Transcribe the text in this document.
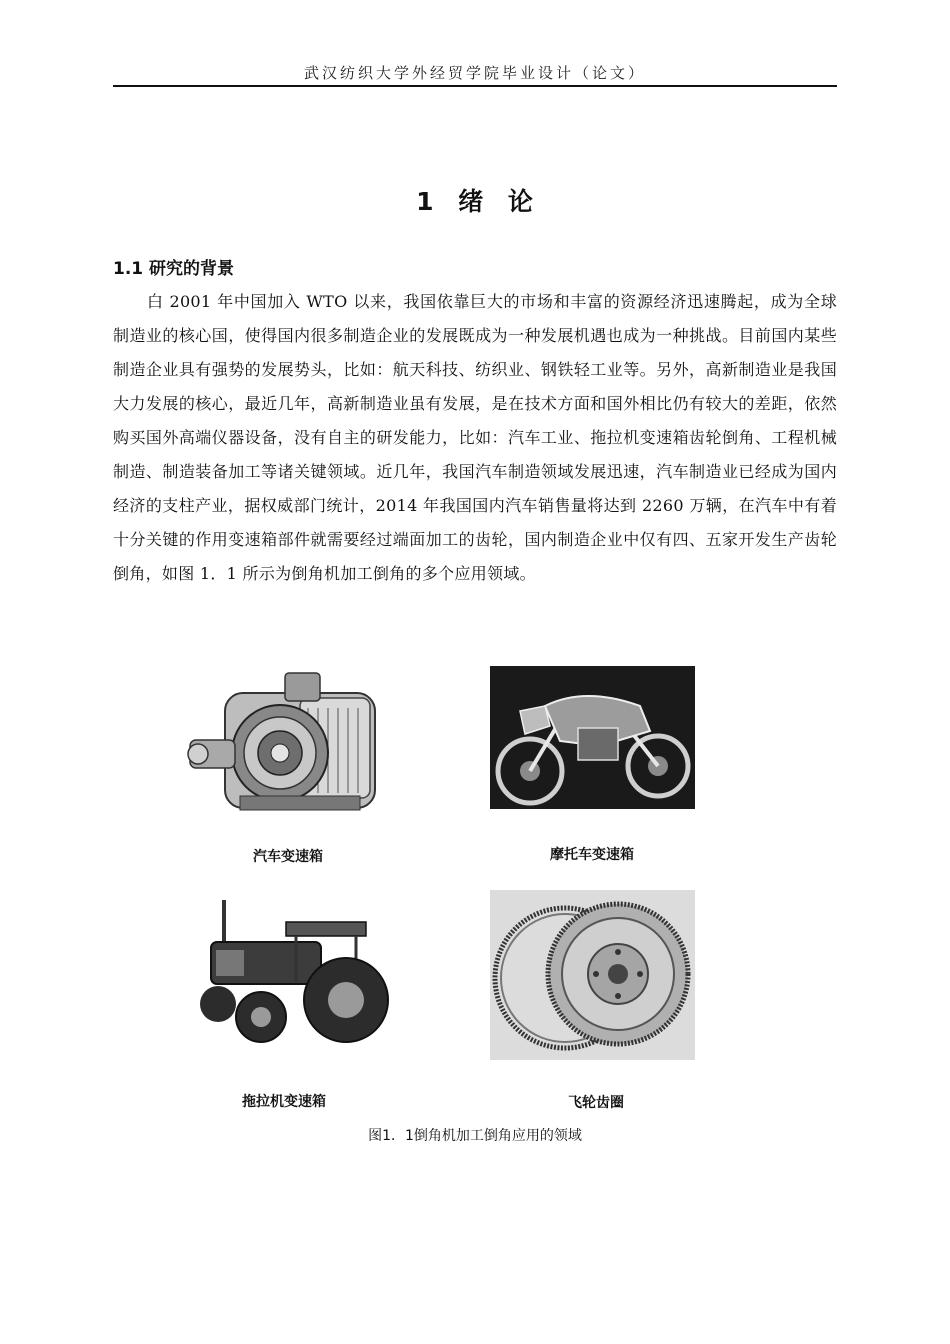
武汉纺织大学外经贸学院毕业设计（论文）
1 绪 论
1.1 研究的背景
白 2001 年中国加入 WTO 以来，我国依靠巨大的市场和丰富的资源经济迅速腾起，成为全球制造业的核心国，使得国内很多制造企业的发展既成为一种发展机遇也成为一种挑战。目前国内某些制造企业具有强势的发展势头，比如：航天科技、纺织业、钢铁轻工业等。另外，高新制造业是我国大力发展的核心，最近几年，高新制造业虽有发展，是在技术方面和国外相比仍有较大的差距，依然购买国外高端仪器设备，没有自主的研发能力，比如：汽车工业、拖拉机变速箱齿轮倒角、工程机械制造、制造装备加工等诸关键领域。近几年，我国汽车制造领域发展迅速，汽车制造业已经成为国内经济的支柱产业，据权威部门统计，2014 年我国国内汽车销售量将达到 2260 万辆，在汽车中有着十分关键的作用变速箱部件就需要经过端面加工的齿轮，国内制造企业中仅有四、五家开发生产齿轮倒角，如图 1．1 所示为倒角机加工倒角的多个应用领域。
汽车变速箱	摩托车变速箱
拖拉机变速箱	飞轮齿圈
图1．1倒角机加工倒角应用的领域
